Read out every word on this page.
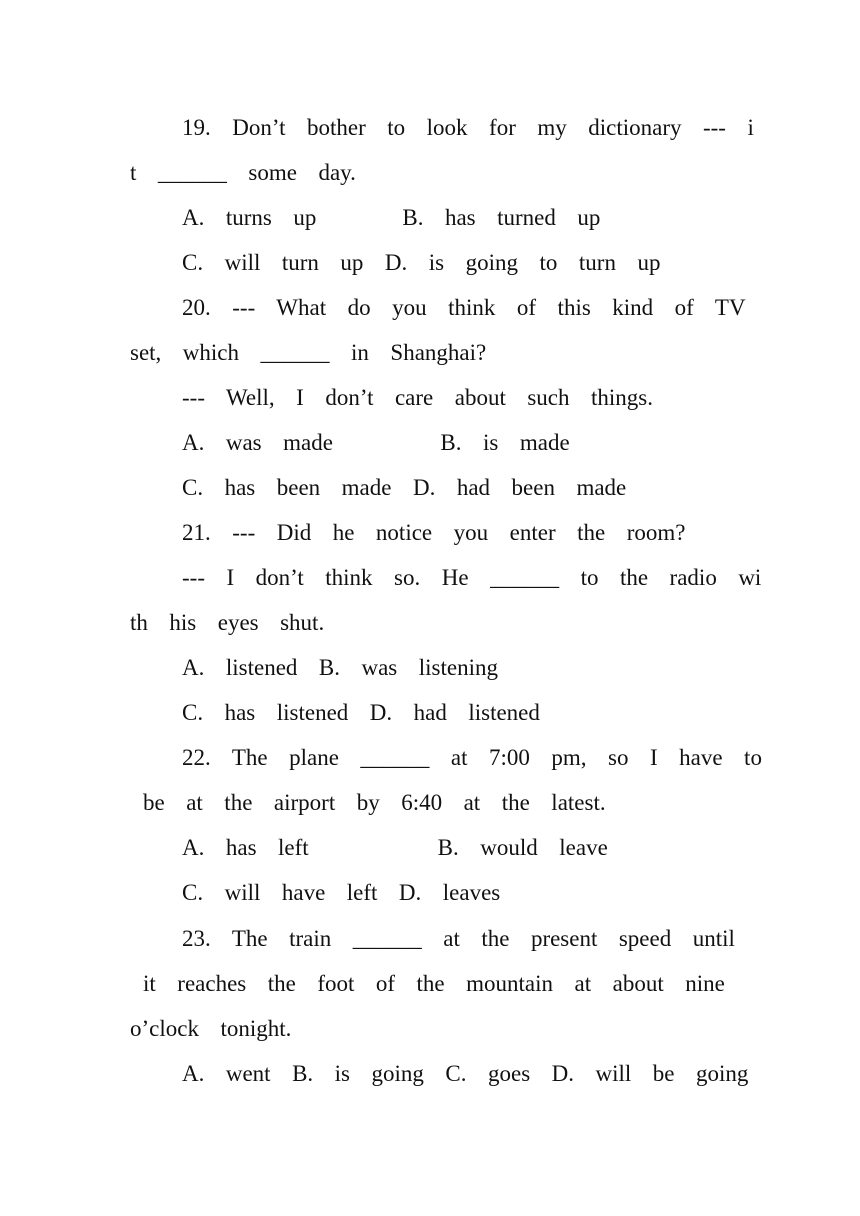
19.  Don’t  bother  to  look  for  my  dictionary  ---  i
t  ______  some  day.
A.  turns  up        B.  has  turned  up
C.  will  turn  up  D.  is  going  to  turn  up
20.  ---  What  do  you  think  of  this  kind  of  TV
set,  which  ______  in  Shanghai?
---  Well,  I  don’t  care  about  such  things.
A.  was  made          B.  is  made
C.  has  been  made  D.  had  been  made
21.  ---  Did  he  notice  you  enter  the  room?
---  I  don’t  think  so.  He  ______  to  the  radio  wi
th  his  eyes  shut.
A.  listened  B.  was  listening
C.  has  listened  D.  had  listened
22.  The  plane  ______  at  7:00  pm,  so  I  have  to
be  at  the  airport  by  6:40  at  the  latest.
A.  has  left            B.  would  leave
C.  will  have  left  D.  leaves
23.  The  train  ______  at  the  present  speed  until
it  reaches  the  foot  of  the  mountain  at  about  nine
o’clock  tonight.
A.  went  B.  is  going  C.  goes  D.  will  be  going
